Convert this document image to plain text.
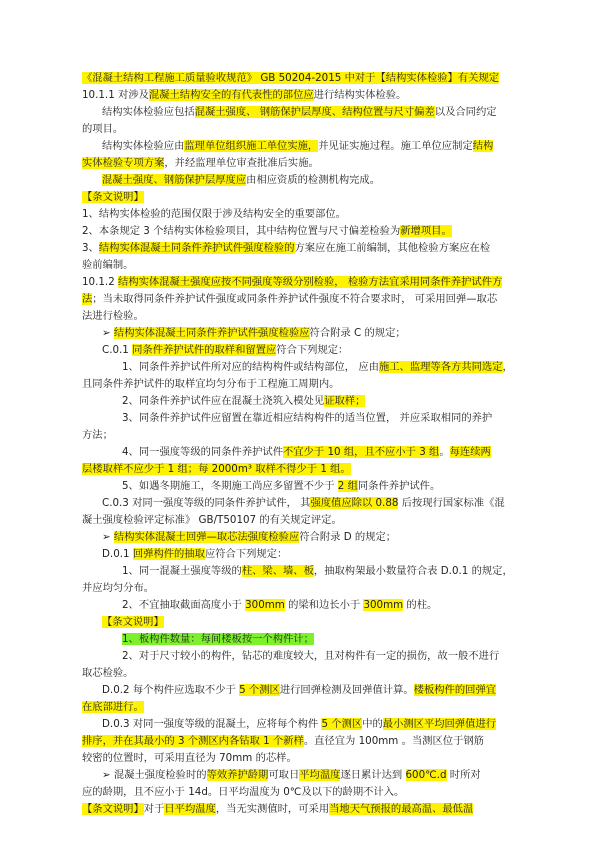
《混凝土结构工程施工质量验收规范》 GB 50204-2015 中对于【结构实体检验】有关规定
10.1.1 对涉及混凝土结构安全的有代表性的部位应进行结构实体检验。
结构实体检验应包括混凝土强度、 钢筋保护层厚度、结构位置与尺寸偏差以及合同约定
的项目。
结构实体检验应由监理单位组织施工单位实施，并见证实施过程。施工单位应制定结构
实体检验专项方案，并经监理单位审查批准后实施。
混凝土强度、钢筋保护层厚度应由相应资质的检测机构完成。
【条文说明】
1、结构实体检验的范围仅限于涉及结构安全的重要部位。
2、本条规定 3 个结构实体检验项目，其中结构位置与尺寸偏差检验为新增项目。
3、结构实体混凝土同条件养护试件强度检验的方案应在施工前编制，其他检验方案应在检
验前编制。
10.1.2 结构实体混凝土强度应按不同强度等级分别检验， 检验方法宜采用同条件养护试件方
法；当未取得同条件养护试件强度或同条件养护试件强度不符合要求时， 可采用回弹—取芯
法进行检验。
➢ 结构实体混凝土同条件养护试件强度检验应符合附录 C 的规定；
C.0.1 同条件养护试件的取样和留置应符合下列规定：
1、同条件养护试件所对应的结构构件或结构部位， 应由施工、监理等各方共同选定，
且同条件养护试件的取样宜均匀分布于工程施工周期内。
2、同条件养护试件应在混凝土浇筑入模处见证取样；
3、同条件养护试件应留置在靠近相应结构构件的适当位置， 并应采取相同的养护
方法；
4、同一强度等级的同条件养护试件不宜少于 10 组，且不应小于 3 组。每连续两
层楼取样不应少于 1 组；每 2000m³ 取样不得少于 1 组。
5、如遇冬期施工，冬期施工尚应多留置不少于 2 组同条件养护试件。
C.0.3 对同一强度等级的同条件养护试件， 其强度值应除以 0.88 后按现行国家标准《混
凝土强度检验评定标准》 GB/T50107 的有关规定评定。
➢ 结构实体混凝土回弹—取芯法强度检验应符合附录 D 的规定；
D.0.1 回弹构件的抽取应符合下列规定：
1、同一混凝土强度等级的柱、梁、墙、板，抽取构架最小数量符合表 D.0.1 的规定，
并应均匀分布。
2、不宜抽取截面高度小于 300mm 的梁和边长小于 300mm 的柱。
【条文说明】
1、板构件数量：每间楼板按一个构件计；
2、对于尺寸较小的构件，钻芯的难度较大，且对构件有一定的损伤，故一般不进行
取芯检验。
D.0.2 每个构件应选取不少于 5 个测区进行回弹检测及回弹值计算。楼板构件的回弹宜
在底部进行。
D.0.3 对同一强度等级的混凝土，应将每个构件 5 个测区中的最小测区平均回弹值进行
排序，并在其最小的 3 个测区内各钻取 1 个新样。直径宜为 100mm 。当测区位于钢筋
较密的位置时，可采用直径为 70mm 的芯样。
➢ 混凝土强度检验时的等效养护龄期可取日平均温度逐日累计达到 600℃.d 时所对
应的龄期，且不应小于 14d。日平均温度为 0℃及以下的龄期不计入。
【条文说明】对于日平均温度，当无实测值时，可采用当地天气预报的最高温、最低温
